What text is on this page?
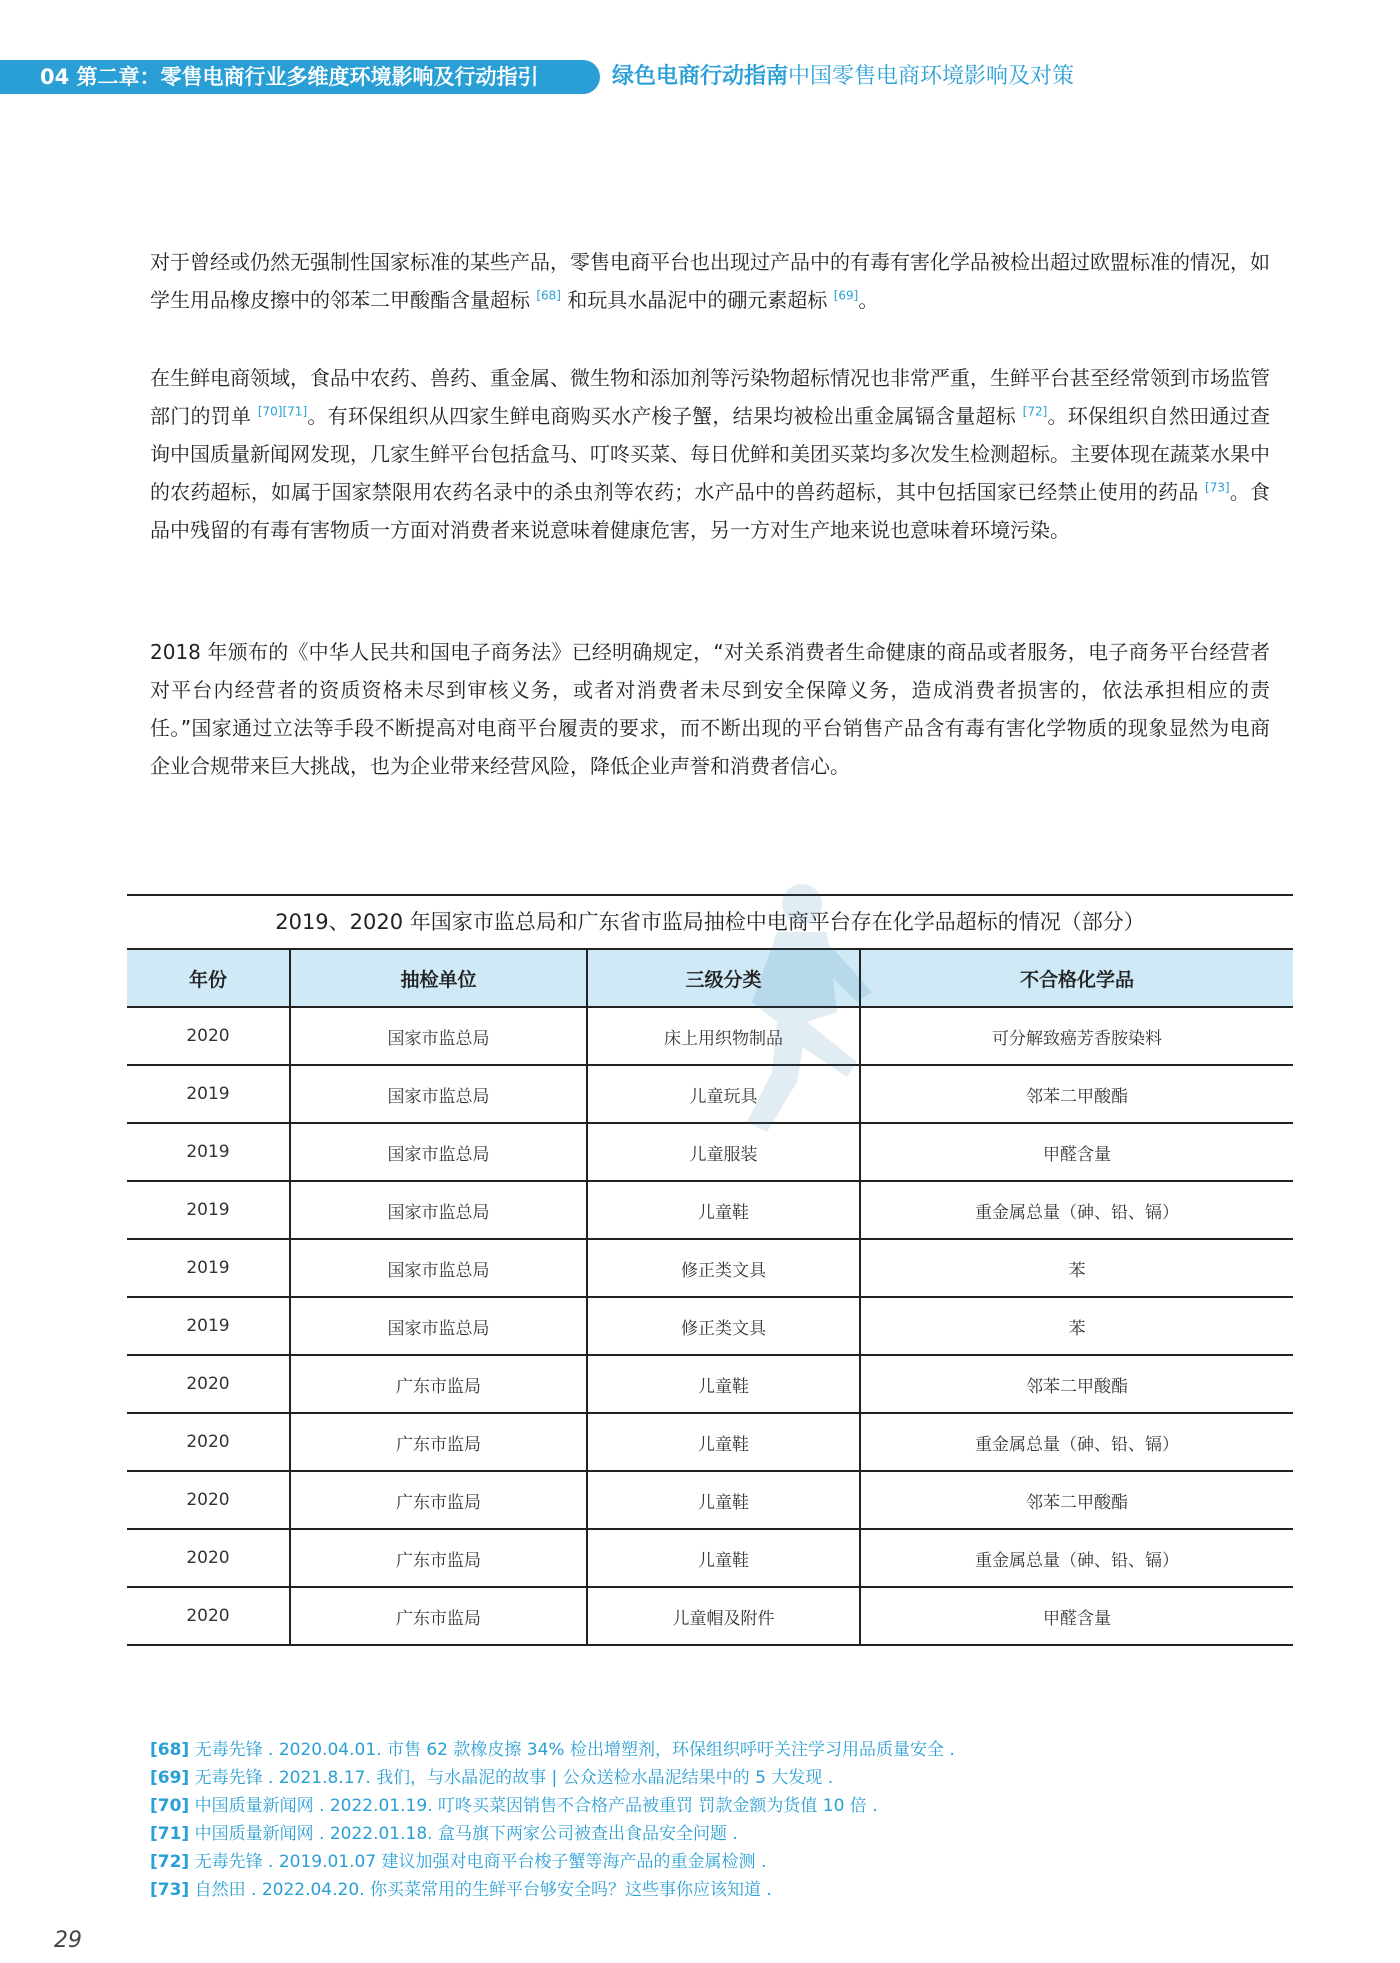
04 第二章：零售电商行业多维度环境影响及行动指引	绿色电商行动指南中国零售电商环境影响及对策
对于曾经或仍然无强制性国家标准的某些产品，零售电商平台也出现过产品中的有毒有害化学品被检出超过欧盟标准的情况，如学生用品橡皮擦中的邻苯二甲酸酯含量超标 [68] 和玩具水晶泥中的硼元素超标 [69]。
在生鲜电商领域，食品中农药、兽药、重金属、微生物和添加剂等污染物超标情况也非常严重，生鲜平台甚至经常领到市场监管部门的罚单 [70][71]。有环保组织从四家生鲜电商购买水产梭子蟹，结果均被检出重金属镉含量超标 [72]。环保组织自然田通过查询中国质量新闻网发现，几家生鲜平台包括盒马、叮咚买菜、每日优鲜和美团买菜均多次发生检测超标。主要体现在蔬菜水果中的农药超标，如属于国家禁限用农药名录中的杀虫剂等农药；水产品中的兽药超标，其中包括国家已经禁止使用的药品 [73]。食品中残留的有毒有害物质一方面对消费者来说意味着健康危害，另一方对生产地来说也意味着环境污染。
2018 年颁布的《中华人民共和国电子商务法》已经明确规定，“对关系消费者生命健康的商品或者服务，电子商务平台经营者对平台内经营者的资质资格未尽到审核义务，或者对消费者未尽到安全保障义务，造成消费者损害的，依法承担相应的责任。”国家通过立法等手段不断提高对电商平台履责的要求，而不断出现的平台销售产品含有毒有害化学物质的现象显然为电商企业合规带来巨大挑战，也为企业带来经营风险，降低企业声誉和消费者信心。
2019、2020 年国家市监总局和广东省市监局抽检中电商平台存在化学品超标的情况（部分）
年份	抽检单位	三级分类	不合格化学品
2020	国家市监总局	床上用织物制品	可分解致癌芳香胺染料
2019	国家市监总局	儿童玩具	邻苯二甲酸酯
2019	国家市监总局	儿童服装	甲醛含量
2019	国家市监总局	儿童鞋	重金属总量（砷、铅、镉）
2019	国家市监总局	修正类文具	苯
2019	国家市监总局	修正类文具	苯
2020	广东市监局	儿童鞋	邻苯二甲酸酯
2020	广东市监局	儿童鞋	重金属总量（砷、铅、镉）
2020	广东市监局	儿童鞋	邻苯二甲酸酯
2020	广东市监局	儿童鞋	重金属总量（砷、铅、镉）
2020	广东市监局	儿童帽及附件	甲醛含量
[68] 无毒先锋 . 2020.04.01. 市售 62 款橡皮擦 34% 检出增塑剂，环保组织呼吁关注学习用品质量安全 .
[69] 无毒先锋 . 2021.8.17. 我们，与水晶泥的故事 | 公众送检水晶泥结果中的 5 大发现 .
[70] 中国质量新闻网 . 2022.01.19. 叮咚买菜因销售不合格产品被重罚 罚款金额为货值 10 倍 .
[71] 中国质量新闻网 . 2022.01.18. 盒马旗下两家公司被查出食品安全问题 .
[72] 无毒先锋 . 2019.01.07 建议加强对电商平台梭子蟹等海产品的重金属检测 .
[73] 自然田 . 2022.04.20. 你买菜常用的生鲜平台够安全吗？这些事你应该知道 .
29
